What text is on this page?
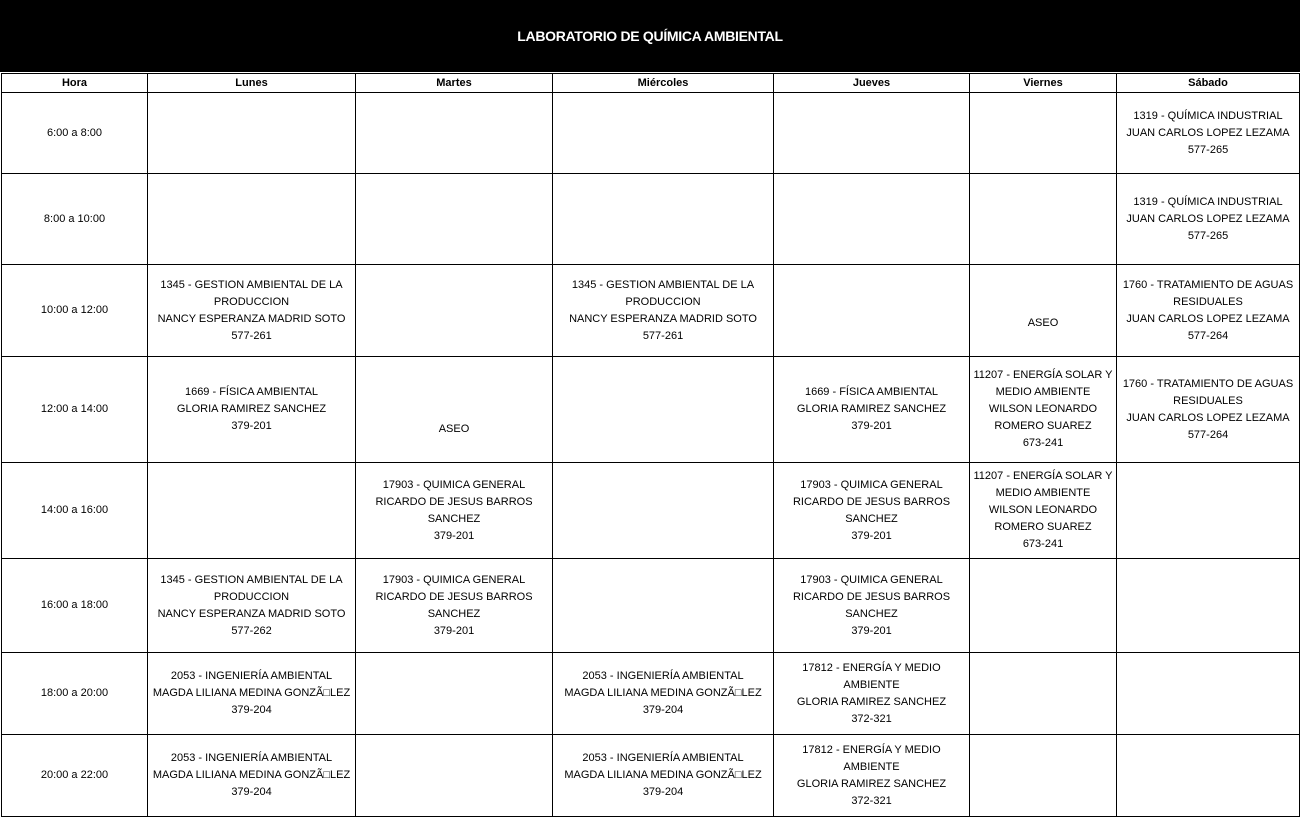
LABORATORIO DE QUÍMICA AMBIENTAL
Hora	Lunes	Martes	Miércoles	Jueves	Viernes	Sábado
6:00 a 8:00						1319 - QUÍMICA INDUSTRIAL
JUAN CARLOS LOPEZ LEZAMA
577-265

8:00 a 10:00						1319 - QUÍMICA INDUSTRIAL
JUAN CARLOS LOPEZ LEZAMA
577-265

10:00 a 12:00	1345 - GESTION AMBIENTAL DE LA PRODUCCION
NANCY ESPERANZA MADRID SOTO
577-261		1345 - GESTION AMBIENTAL DE LA PRODUCCION
NANCY ESPERANZA MADRID SOTO
577-261		ASEO	1760 - TRATAMIENTO DE AGUAS RESIDUALES
JUAN CARLOS LOPEZ LEZAMA
577-264

12:00 a 14:00	1669 - FÍSICA AMBIENTAL
GLORIA RAMIREZ SANCHEZ
379-201	ASEO		1669 - FÍSICA AMBIENTAL
GLORIA RAMIREZ SANCHEZ
379-201	11207 - ENERGÍA SOLAR Y MEDIO AMBIENTE
WILSON LEONARDO ROMERO SUAREZ
673-241	1760 - TRATAMIENTO DE AGUAS RESIDUALES
JUAN CARLOS LOPEZ LEZAMA
577-264

14:00 a 16:00		17903 - QUIMICA GENERAL
RICARDO DE JESUS BARROS SANCHEZ
379-201		17903 - QUIMICA GENERAL
RICARDO DE JESUS BARROS SANCHEZ
379-201	11207 - ENERGÍA SOLAR Y MEDIO AMBIENTE
WILSON LEONARDO ROMERO SUAREZ
673-241	

16:00 a 18:00	1345 - GESTION AMBIENTAL DE LA PRODUCCION
NANCY ESPERANZA MADRID SOTO
577-262	17903 - QUIMICA GENERAL
RICARDO DE JESUS BARROS SANCHEZ
379-201		17903 - QUIMICA GENERAL
RICARDO DE JESUS BARROS SANCHEZ
379-201		

18:00 a 20:00	2053 - INGENIERÍA AMBIENTAL
MAGDA LILIANA MEDINA GONZÃ□LEZ
379-204		2053 - INGENIERÍA AMBIENTAL
MAGDA LILIANA MEDINA GONZÃ□LEZ
379-204	17812 - ENERGÍA Y MEDIO AMBIENTE
GLORIA RAMIREZ SANCHEZ
372-321		

20:00 a 22:00	2053 - INGENIERÍA AMBIENTAL
MAGDA LILIANA MEDINA GONZÃ□LEZ
379-204		2053 - INGENIERÍA AMBIENTAL
MAGDA LILIANA MEDINA GONZÃ□LEZ
379-204	17812 - ENERGÍA Y MEDIO AMBIENTE
GLORIA RAMIREZ SANCHEZ
372-321		
